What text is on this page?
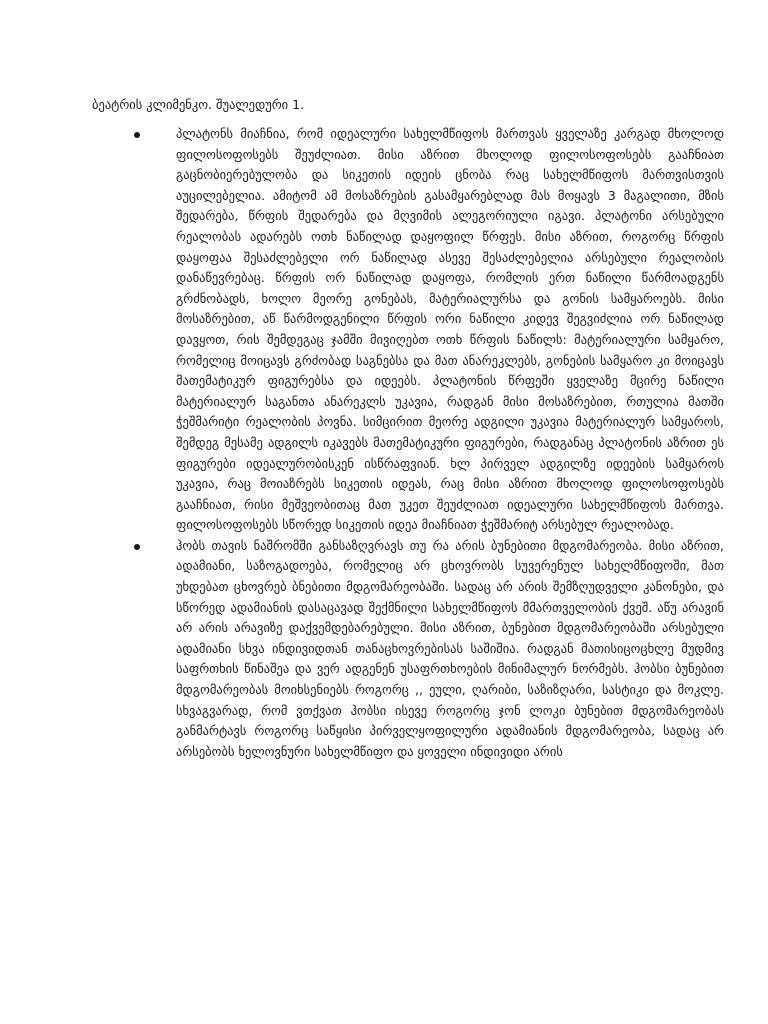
ბეატრის კლიმენკო. შუალედური 1.

პლატონს მიაჩნია, რომ იდეალური სახელმწიფოს მართვას ყველაზე კარგად მხოლოდ ფილოსოფოსებს შეუძლიათ. მისი აზრით მხოლოდ ფილოსოფოსებს გააჩნიათ გაცნობიერებულობა და სიკეთის იდეის ცნობა რაც სახელმწიფოს მართვისთვის აუცილებელია. ამიტომ ამ მოსაზრების გასამყარებლად მას მოყავს 3 მაგალითი, მზის შედარება, წრფის შედარება და მღვიმის ალეგორიული იგავი. პლატონი არსებული რეალობას ადარებს ოთხ ნაწილად დაყოფილ წრფეს. მისი აზრით, როგორც წრფის დაყოფაა შესაძლებელი ორ ნაწილად ასევე შესაძლებელია არსებული რეალობის დანაწევრებაც. წრფის ორ ნაწილად დაყოფა, რომლის ერთ ნაწილი წარმოადგენს გრძნობადს, ხოლო მეორე გონებას, მატერიალურსა და გონის სამყაროებს. მისი მოსაზრებით, აწ წარმოდგენილი წრფის ორი ნაწილი კიდევ შეგვიძლია ორ ნაწილად დავყოთ, რის შემდეგაც ჯამში მივიღებთ ოთხ წრფის ნაწილს: მატერიალური სამყარო, რომელიც მოიცავს გრძობად საგნებსა და მათ ანარეკლებს, გონების სამყარო კი მოიცავს მათემატიკურ ფიგურებსა და იდეებს. პლატონის წრფეში ყველაზე მცირე ნაწილი მატერიალურ საგანთა ანარეკლს უკავია, რადგან მისი მოსაზრებით, რთულია მათში ჭეშმარიტი რეალობის პოვნა. სიმცირით მეორე ადგილი უკავია მატერიალურ სამყაროს, შემდეგ მესამე ადგილს იკავებს მათემატიკური ფიგურები, რადგანაც პლატონის აზრით ეს ფიგურები იდეალურობისკენ ისწრაფვიან. ხლ პირველ ადგილზე იდეების სამყაროს უკავია, რაც მოიაზრებს სიკეთის იდეას, რაც მისი აზრით მხოლოდ ფილოსოფოსებს გააჩნიათ, რისი მეშვეობითაც მათ უკეთ შეუძლიათ იდეალური სახელმწიფოს მართვა. ფილოსოფოსებს სწორედ სიკეთის იდეა მიაჩნიათ ჭეშმარიტ არსებულ რეალობად.
ჰობს თავის ნაშრომში განსაზღვრავს თუ რა არის ბუნებითი მდგომარეობა. მისი აზრით, ადამიანი, საზოგადოება, რომელიც არ ცხოვრობს სუვერენულ სახელმწიფოში, მათ უხდებათ ცხოვრებ ბნებითი მდგომარეობაში. სადაც არ არის შემზღუდველი კანონები, და სწორედ ადამიანის დასაცავად შექმნილი სახელმწიფოს მმართველობის ქვეშ. აწუ არავინ არ არის არავიზე დაქვემდებარებული. მისი აზრით, ბუნებით მდგომარეობაში არსებული ადამიანი სხვა ინდივიდთან თანაცხოვრებისას საშიშია. რადგან მათისიცოცხლე მუდმივ საფრთხის წინაშეა და ვერ ადგენენ უსაფრთხოების მინიმალურ ნორმებს. ჰობსი ბუნებით მდგომარეობას მოიხსენიებს როგორც ,, ეული, ღარიბი, საზიზღარი, სასტიკი და მოკლე. სხვაგვარად, რომ ვთქვათ ჰობსი ისევე როგორც ჯონ ლოკი ბუნებით მდგომარეობას განმარტავს როგორც საწყისი პირველყოფილური ადამიანის მდგომარეობა, სადაც არ არსებობს ხელოვნური სახელმწიფო და ყოველი ინდივიდი არის
